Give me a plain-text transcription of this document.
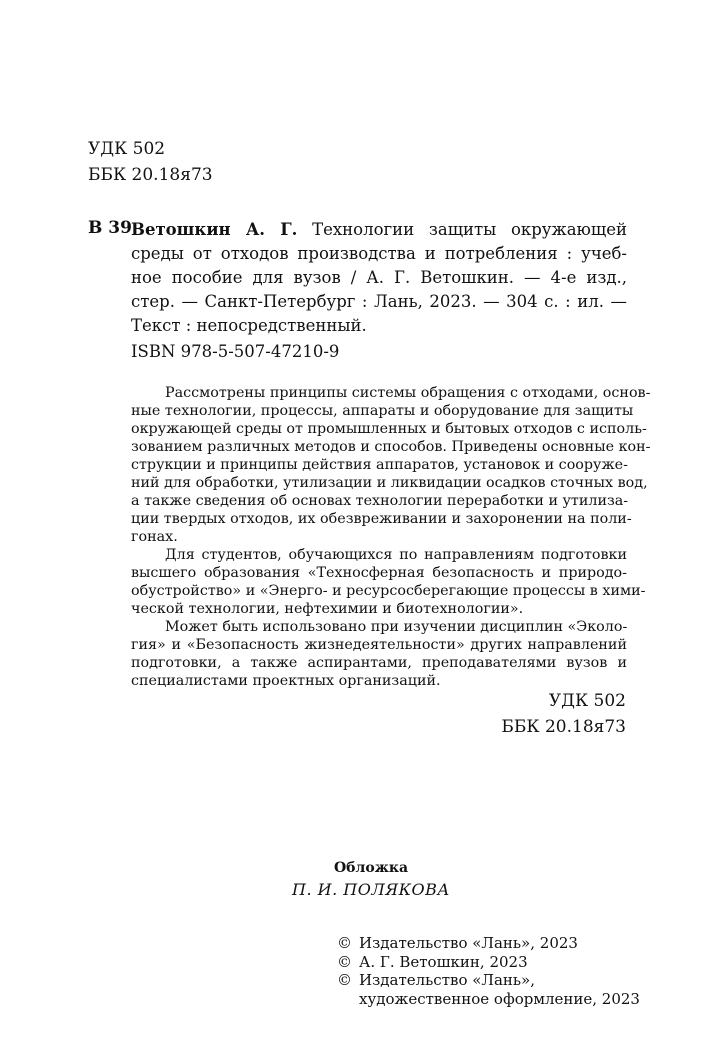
УДК 502
ББК 20.18я73
В 39 Ветошкин А. Г. Технологии защиты окружающей
среды от отходов производства и потребления : учеб-
ное пособие для вузов / А. Г. Ветошкин. — 4-е изд.,
стер. — Санкт-Петербург : Лань, 2023. — 304 с. : ил. —
Текст : непосредственный.
ISBN 978-5-507-47210-9
Рассмотрены принципы системы обращения с отходами, основ-
ные технологии, процессы, аппараты и оборудование для защиты
окружающей среды от промышленных и бытовых отходов с исполь-
зованием различных методов и способов. Приведены основные кон-
струкции и принципы действия аппаратов, установок и сооруже-
ний для обработки, утилизации и ликвидации осадков сточных вод,
а также сведения об основах технологии переработки и утилиза-
ции твердых отходов, их обезвреживании и захоронении на поли-
гонах.
Для студентов, обучающихся по направлениям подготовки
высшего образования «Техносферная безопасность и природо-
обустройство» и «Энерго- и ресурсосберегающие процессы в хими-
ческой технологии, нефтехимии и биотехнологии».
Может быть использовано при изучении дисциплин «Эколо-
гия» и «Безопасность жизнедеятельности» других направлений
подготовки, а также аспирантами, преподавателями вузов и
специалистами проектных организаций.
УДК 502
ББК 20.18я73
Обложка
П. И. ПОЛЯКОВА
© Издательство «Лань», 2023
© А. Г. Ветошкин, 2023
© Издательство «Лань»,
художественное оформление, 2023
